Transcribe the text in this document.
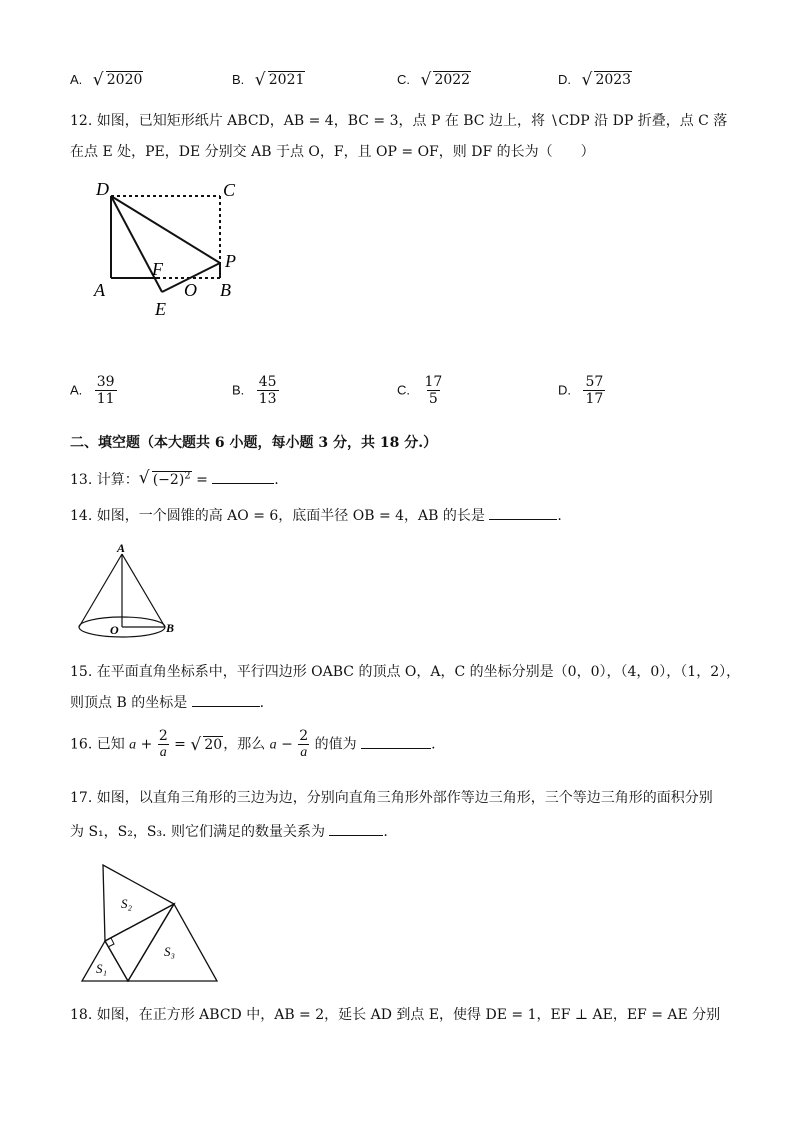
A. √ 2020	B. √ 2021	C. √ 2022	D. √ 2023
12. 如图，已知矩形纸片 ABCD，AB = 4，BC = 3，点 P 在 BC 边上，将 ∖CDP 沿 DP 折叠，点 C 落
在点 E 处，PE，DE 分别交 AB 于点 O，F，且 OP = OF，则 DF 的长为（　　）
D	C
A	B
P
F
O
E
A. $\frac{39}{11}$	B. $\frac{45}{13}$	C. $\frac{17}{5}$	D. $\frac{57}{17}$
二、填空题（本大题共 6 小题，每小题 3 分，共 18 分.）
13. 计算： √ $(-2)^2$ =	.
14. 如图，一个圆锥的高 AO = 6，底面半径 OB = 4，AB 的长是	.
A
O	B
15. 在平面直角坐标系中，平行四边形 OABC 的顶点 O，A，C 的坐标分别是（0，0），（4，0），（1，2），
则顶点 B 的坐标是	.
16. 已知 $a + \frac{2}{a}$ = √ 20，那么 $a - \frac{2}{a}$ 的值为	.
17. 如图，以直角三角形的三边为边，分别向直角三角形外部作等边三角形，三个等边三角形的面积分别
为 S₁，S₂，S₃. 则它们满足的数量关系为	.
S₁
S₂
S₃
18. 如图，在正方形 ABCD 中，AB = 2，延长 AD 到点 E，使得 DE = 1，EF ⊥ AE，EF = AE 分别
